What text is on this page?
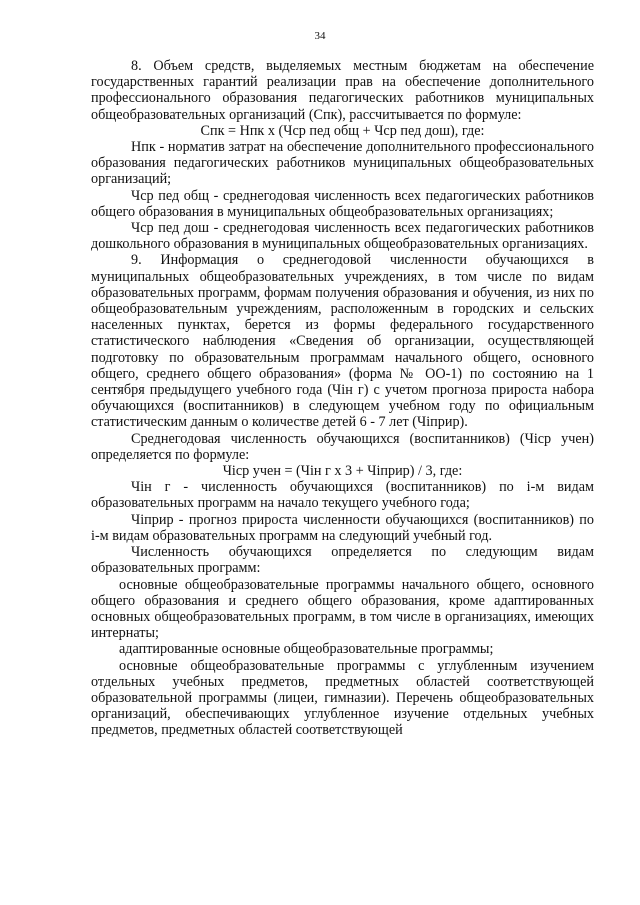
34

8. Объем средств, выделяемых местным бюджетам на обеспечение государственных гарантий реализации прав на обеспечение дополнительного профессионального образования педагогических работников муниципальных общеобразовательных организаций (Спк), рассчитывается по формуле:

Спк = Нпк х (Чср пед общ + Чср пед дош), где:

Нпк - норматив затрат на обеспечение дополнительного профессионального образования педагогических работников муниципальных общеобразовательных организаций;

Чср пед общ - среднегодовая численность всех педагогических работников общего образования в муниципальных общеобразовательных организациях;

Чср пед дош - среднегодовая численность всех педагогических работников дошкольного образования в муниципальных общеобразовательных организациях.

9. Информация о среднегодовой численности обучающихся в муниципальных общеобразовательных учреждениях, в том числе по видам образовательных программ, формам получения образования и обучения, из них по общеобразовательным учреждениям, расположенным в городских и сельских населенных пунктах, берется из формы федерального государственного статистического наблюдения «Сведения об организации, осуществляющей подготовку по образовательным программам начального общего, основного общего, среднего общего образования» (форма № ОО-1) по состоянию на 1 сентября предыдущего учебного года (Чiн г) с учетом прогноза прироста набора обучающихся (воспитанников) в следующем учебном году по официальным статистическим данным о количестве детей 6 - 7 лет (Чiприр).

Среднегодовая численность обучающихся (воспитанников) (Чiср учен) определяется по формуле:

Чiср учен = (Чiн г х 3 + Чiприр) / 3, где:

Чiн г - численность обучающихся (воспитанников) по i-м видам образовательных программ на начало текущего учебного года;

Чiприр - прогноз прироста численности обучающихся (воспитанников) по i-м видам образовательных программ на следующий учебный год.

Численность обучающихся определяется по следующим видам образовательных программ:

основные общеобразовательные программы начального общего, основного общего образования и среднего общего образования, кроме адаптированных основных общеобразовательных программ, в том числе в организациях, имеющих интернаты;

адаптированные основные общеобразовательные программы;

основные общеобразовательные программы с углубленным изучением отдельных учебных предметов, предметных областей соответствующей образовательной программы (лицеи, гимназии). Перечень общеобразовательных организаций, обеспечивающих углубленное изучение отдельных учебных предметов, предметных областей соответствующей
